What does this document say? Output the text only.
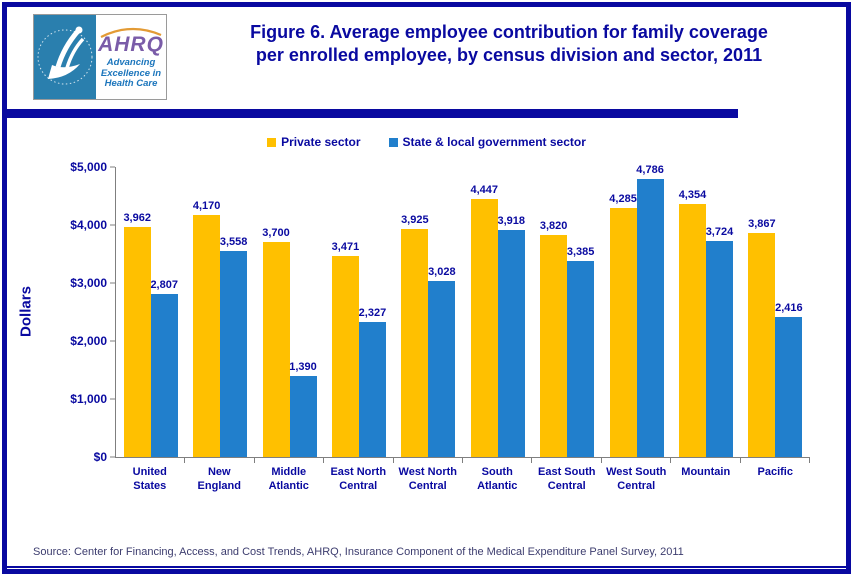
AHRQ
Advancing
Excellence in
Health Care
Figure 6. Average employee contribution for family coverage
per enrolled employee, by census division and sector, 2011
Private sector	State & local government sector
Dollars
$0
$1,000
$2,000
$3,000
$4,000
$5,000
3,962
2,807
4,170
3,558
3,700
1,390
3,471
2,327
3,925
3,028
4,447
3,918 3,820
3,385
4,285
4,786
4,354
3,724
3,867
2,416
United States
New England
Middle Atlantic
East North Central
West North Central
South Atlantic
East South Central
West South Central
Mountain	Pacific
Source: Center for Financing, Access, and Cost Trends, AHRQ, Insurance Component of the Medical Expenditure Panel Survey, 2011
